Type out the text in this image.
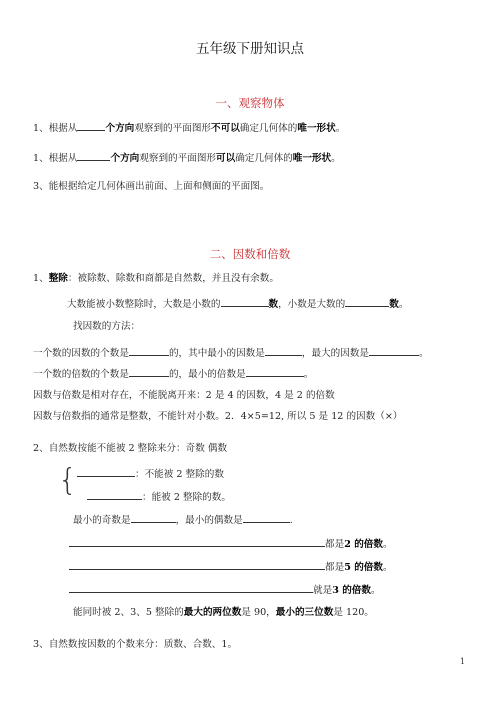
五年级下册知识点
一、观察物体
1、根据从	个方向观察到的平面图形不可以确定几何体的唯一形状。
1、根据从	个方向观察到的平面图形可以确定几何体的唯一形状。
3、能根据给定几何体画出前面、上面和侧面的平面图。
二、因数和倍数
1、整除：被除数、除数和商都是自然数，并且没有余数。
大数能被小数整除时，大数是小数的	数，小数是大数的	数。
找因数的方法：
一个数的因数的个数是	的，其中最小的因数是	，最大的因数是	。
一个数的倍数的个数是	的，最小的倍数是	。
因数与倍数是相对存在，不能脱离开来：2 是 4 的因数，4 是 2 的倍数
因数与倍数指的通常是整数，不能针对小数。2．4×5=12, 所以 5 是 12 的因数（×）
2、自然数按能不能被 2 整除来分：奇数 偶数
{	：不能被 2 整除的数
：能被 2 整除的数。
最小的奇数是	，最小的偶数是	.
都是2 的倍数。
都是5 的倍数。
就是3 的倍数。
能同时被 2、3、5 整除的最大的两位数是 90，最小的三位数是 120。
3、自然数按因数的个数来分：质数、合数、1。
1
